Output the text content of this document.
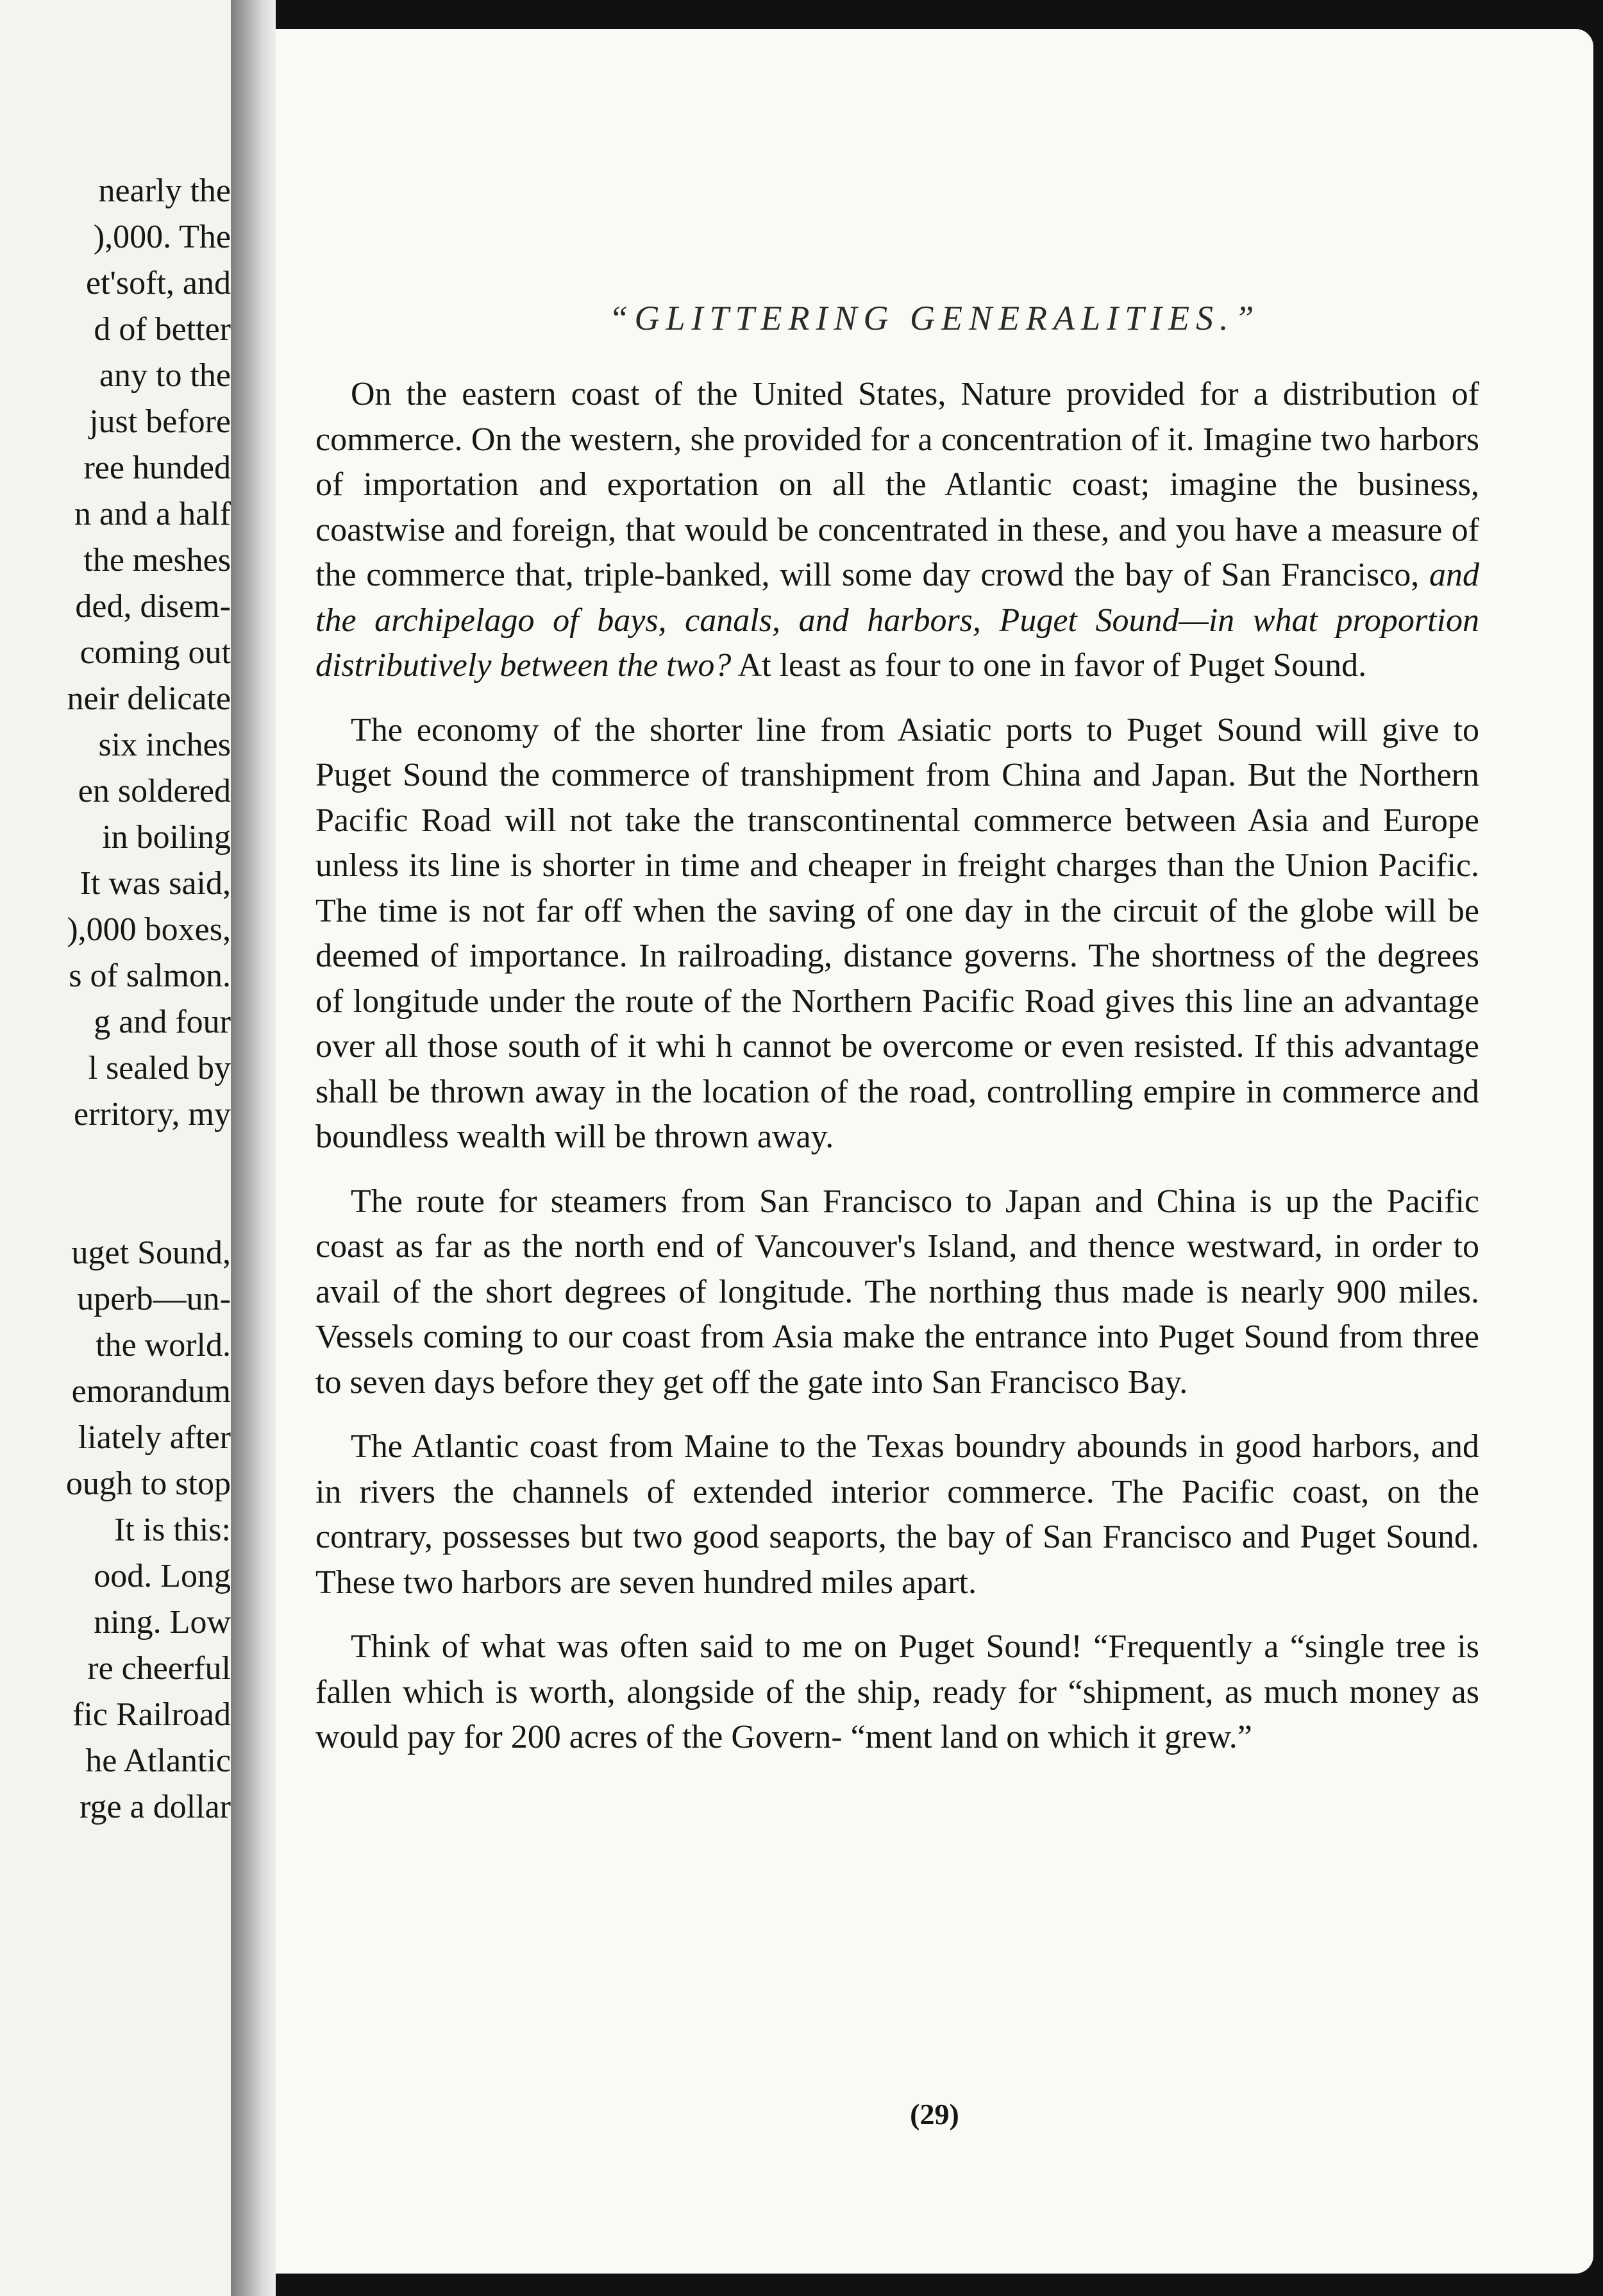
nearly the
),000. The
et'soft, and
d of better
any to the
just before
ree hunded
n and a half
the meshes
ded, disem-
coming out
neir delicate
six inches
en soldered
in boiling
It was said,
),000 boxes,
s of salmon.
g and four
l sealed by
erritory, my
uget Sound,
uperb—un-
the world.
emorandum
liately after
ough to stop
It is this:
ood. Long
ning. Low
re cheerful
fic Railroad
he Atlantic
rge a dollar
“GLITTERING GENERALITIES.”

On the eastern coast of the United States, Nature provided for a distribution of commerce. On the western, she provided for a concentration of it. Imagine two harbors of importation and exportation on all the Atlantic coast; imagine the business, coastwise and foreign, that would be concentrated in these, and you have a measure of the commerce that, triple-banked, will some day crowd the bay of San Francisco, and the archipelago of bays, canals, and harbors, Puget Sound—in what proportion distributively between the two? At least as four to one in favor of Puget Sound.

The economy of the shorter line from Asiatic ports to Puget Sound will give to Puget Sound the commerce of transhipment from China and Japan. But the Northern Pacific Road will not take the transcontinental commerce between Asia and Europe unless its line is shorter in time and cheaper in freight charges than the Union Pacific. The time is not far off when the saving of one day in the circuit of the globe will be deemed of importance. In railroading, distance governs. The shortness of the degrees of longitude under the route of the Northern Pacific Road gives this line an advantage over all those south of it whi h cannot be overcome or even resisted. If this advantage shall be thrown away in the location of the road, controlling empire in commerce and boundless wealth will be thrown away.

The route for steamers from San Francisco to Japan and China is up the Pacific coast as far as the north end of Vancouver's Island, and thence westward, in order to avail of the short degrees of longitude. The northing thus made is nearly 900 miles. Vessels coming to our coast from Asia make the entrance into Puget Sound from three to seven days before they get off the gate into San Francisco Bay.

The Atlantic coast from Maine to the Texas boundry abounds in good harbors, and in rivers the channels of extended interior commerce. The Pacific coast, on the contrary, possesses but two good seaports, the bay of San Francisco and Puget Sound. These two harbors are seven hundred miles apart.

Think of what was often said to me on Puget Sound! “Frequently a “single tree is fallen which is worth, alongside of the ship, ready for “shipment, as much money as would pay for 200 acres of the Govern- “ment land on which it grew.”

(29)
